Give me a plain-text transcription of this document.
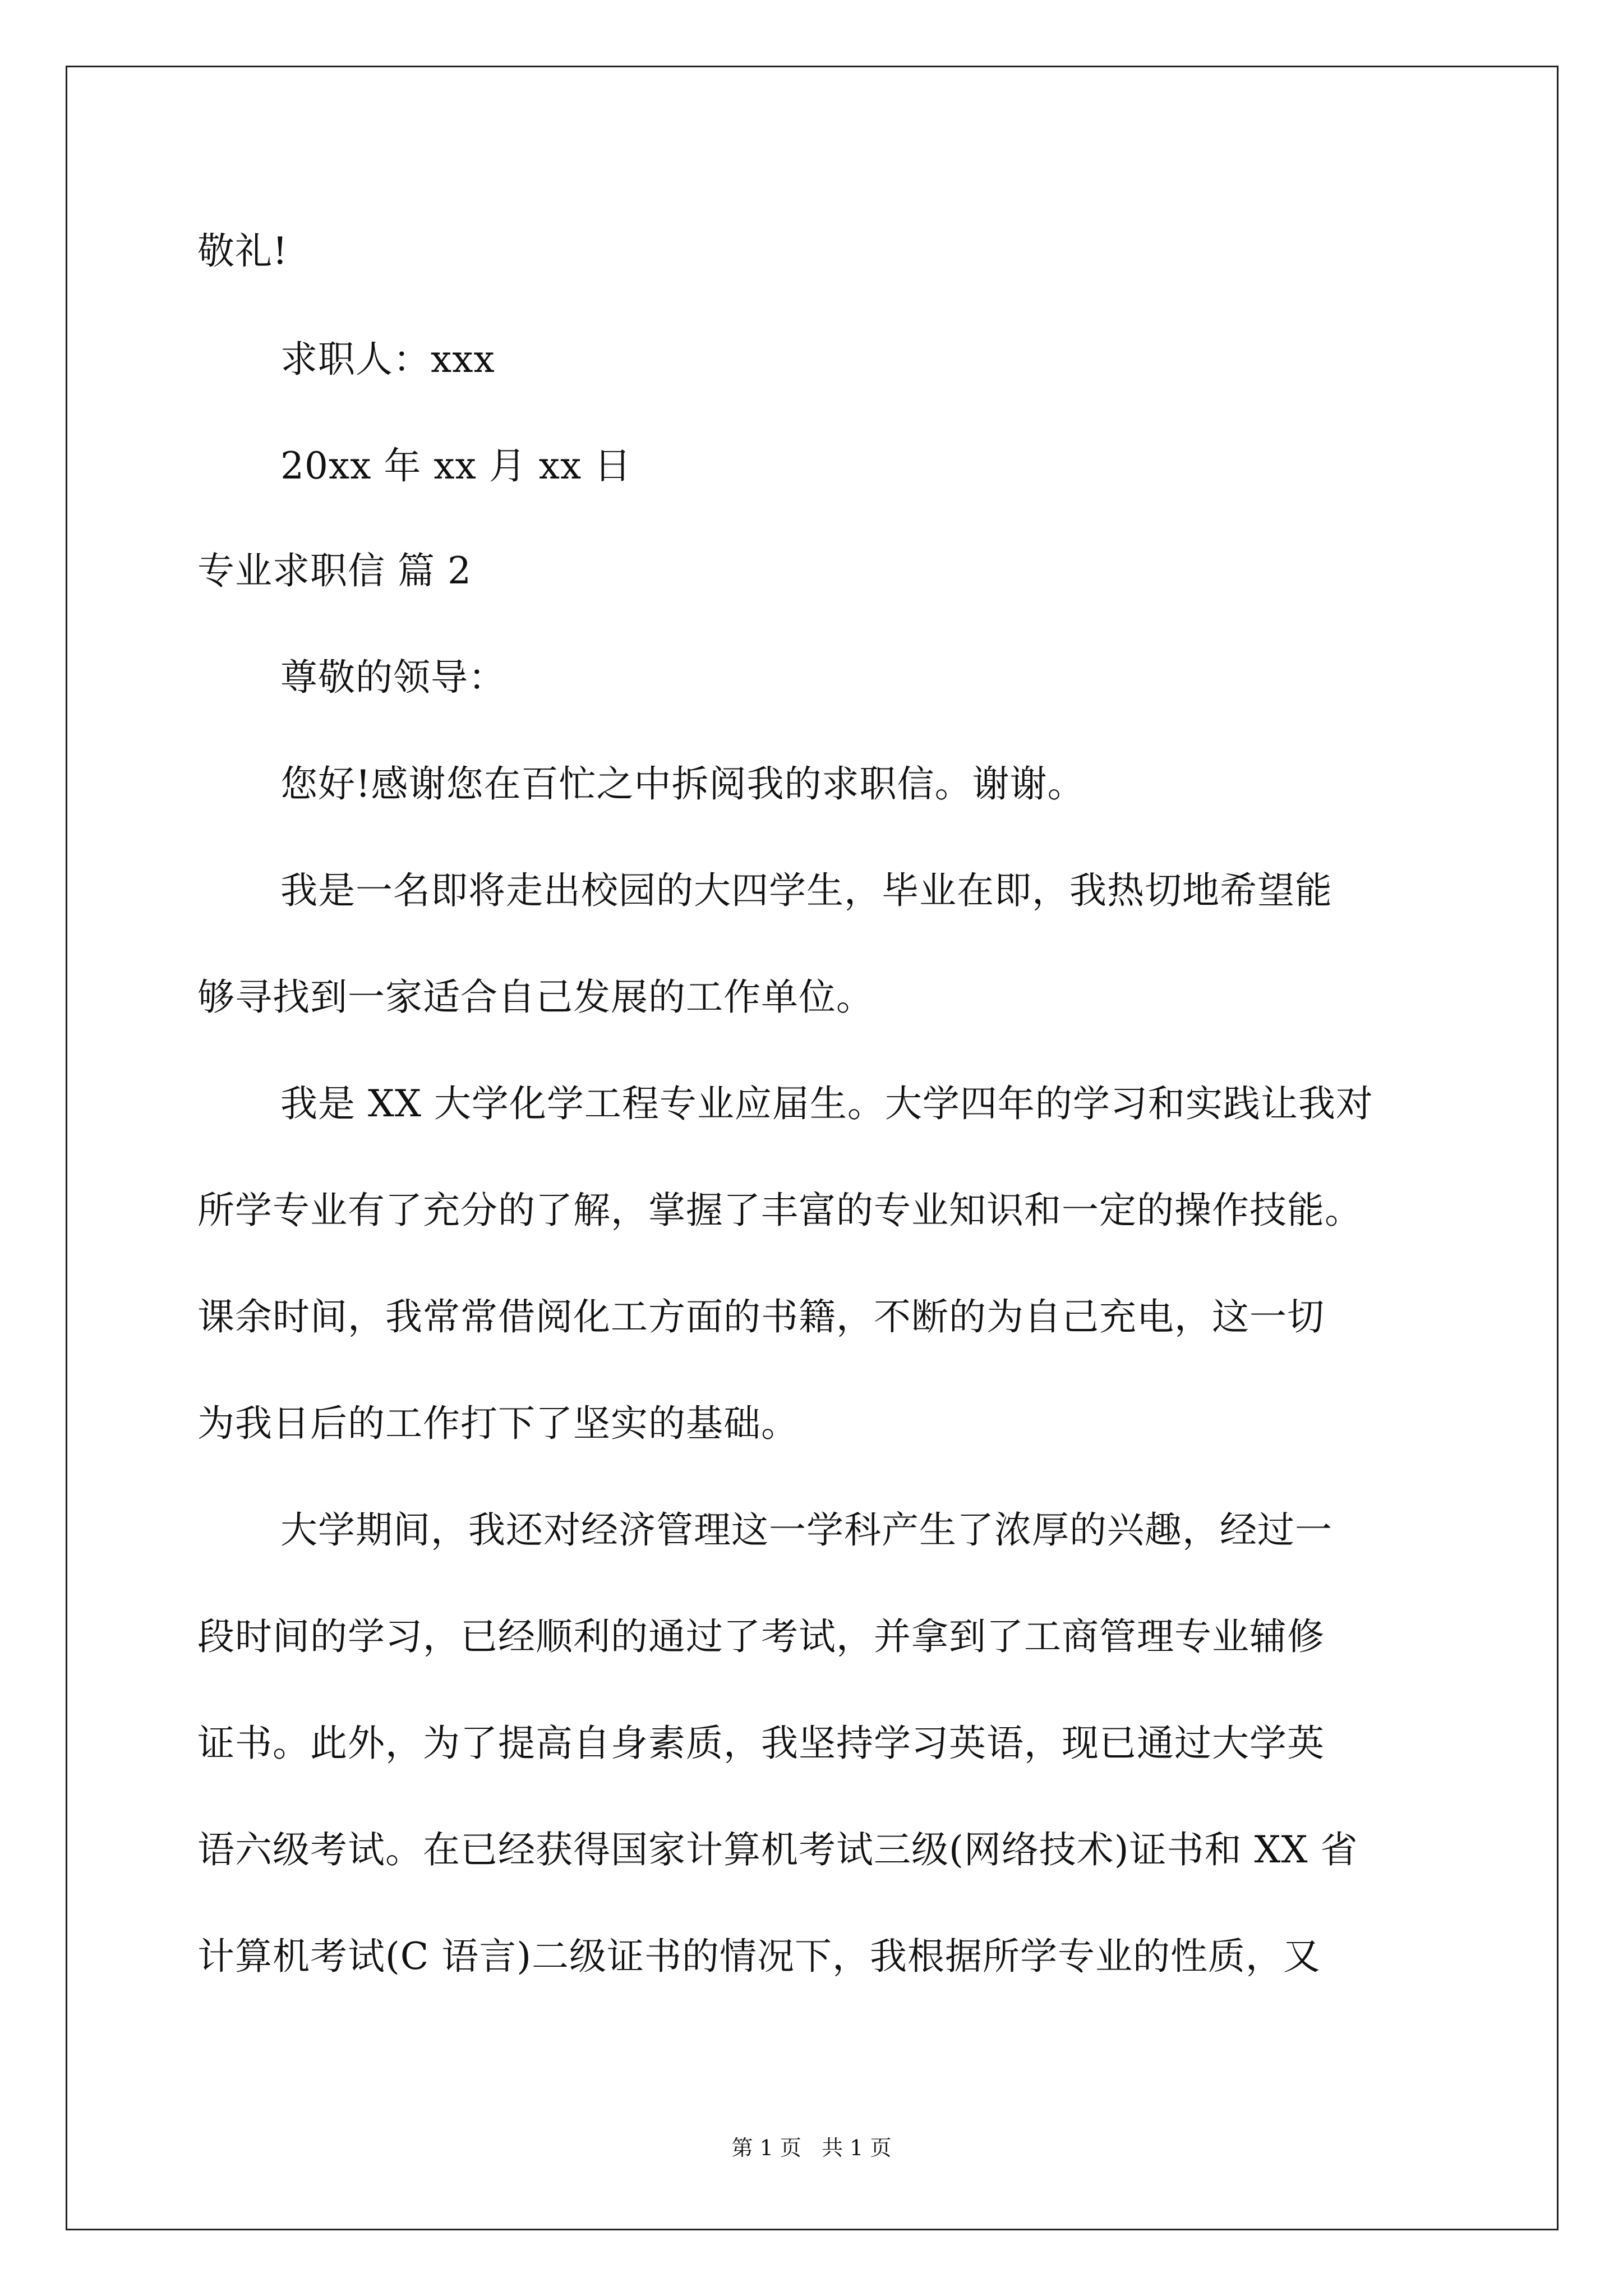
敬礼!
求职人：xxx
20xx 年 xx 月 xx 日
专业求职信 篇 2
尊敬的领导：
您好!感谢您在百忙之中拆阅我的求职信。谢谢。
我是一名即将走出校园的大四学生，毕业在即，我热切地希望能
够寻找到一家适合自己发展的工作单位。
我是 XX 大学化学工程专业应届生。大学四年的学习和实践让我对
所学专业有了充分的了解，掌握了丰富的专业知识和一定的操作技能。
课余时间，我常常借阅化工方面的书籍，不断的为自己充电，这一切
为我日后的工作打下了坚实的基础。
大学期间，我还对经济管理这一学科产生了浓厚的兴趣，经过一
段时间的学习，已经顺利的通过了考试，并拿到了工商管理专业辅修
证书。此外，为了提高自身素质，我坚持学习英语，现已通过大学英
语六级考试。在已经获得国家计算机考试三级(网络技术)证书和 XX 省
计算机考试(C 语言)二级证书的情况下，我根据所学专业的性质，又
第 1 页   共 1 页
